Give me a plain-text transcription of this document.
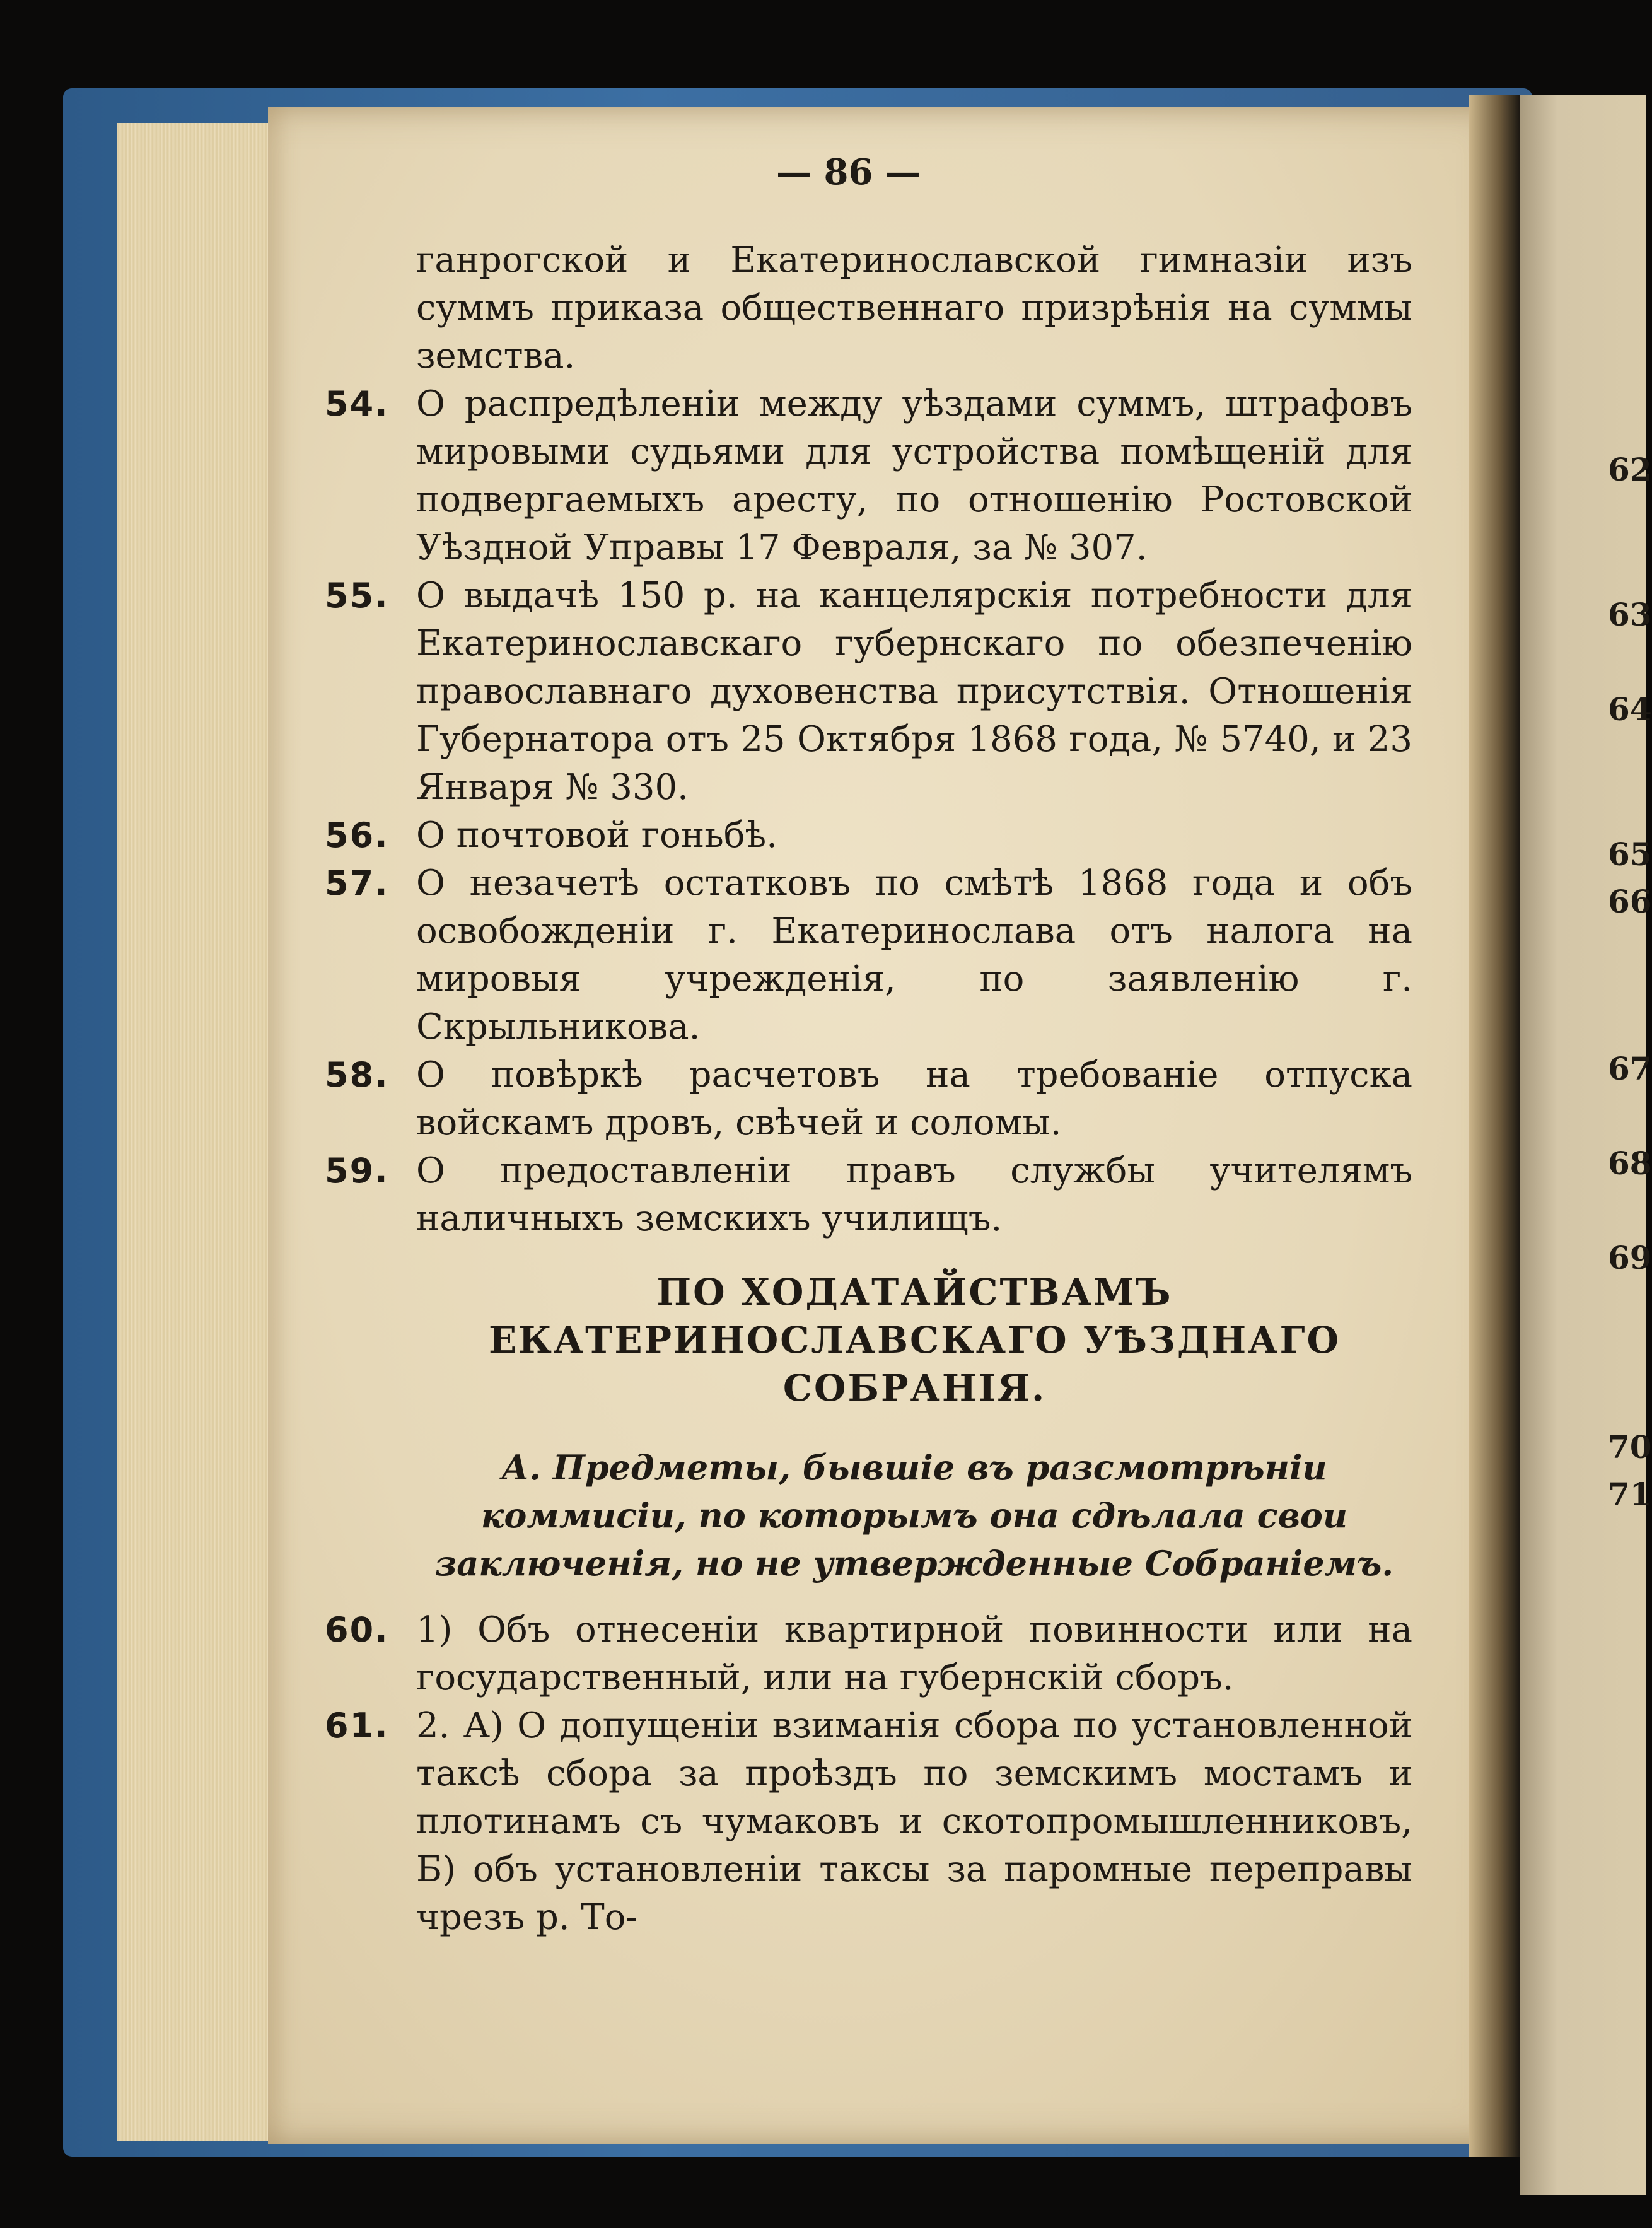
62
63
64
65
66
67
68
69
70
71
— 86 —
ганрогской и Екатеринославской гимназіи изъ суммъ приказа общественнаго призрѣнія на суммы земства.
54. О распредѣленіи между уѣздами суммъ, штрафовъ мировыми судьями для устройства помѣщеній для подвергаемыхъ аресту, по отношенію Ростовской Уѣздной Управы 17 Февраля, за № 307.
55. О выдачѣ 150 р. на канцелярскія потребности для Екатеринославскаго губернскаго по обезпеченію православнаго духовенства присутствія. Отношенія Губернатора отъ 25 Октября 1868 года, № 5740, и 23 Января № 330.
56. О почтовой гоньбѣ.
57. О незачетѣ остатковъ по смѣтѣ 1868 года и объ освобожденіи г. Екатеринослава отъ налога на мировыя учрежденія, по заявленію г. Скрыльникова.
58. О повѣркѣ расчетовъ на требованіе отпуска войскамъ дровъ, свѣчей и соломы.
59. О предоставленіи правъ службы учителямъ наличныхъ земскихъ училищъ.
ПО ХОДАТАЙСТВАМЪ ЕКАТЕРИНОСЛАВСКАГО УѢЗДНАГО СОБРАНІЯ.
А. Предметы, бывшіе въ разсмотрѣніи коммисіи, по которымъ она сдѣлала свои заключенія, но не утвержденные Собраніемъ.
60. 1) Объ отнесеніи квартирной повинности или на государственный, или на губернскій сборъ.
61. 2. А) О допущеніи взиманія сбора по установленной таксѣ сбора за проѣздъ по земскимъ мостамъ и плотинамъ съ чумаковъ и скотопромышленниковъ, Б) объ установленіи таксы за паромные переправы чрезъ р. То-
